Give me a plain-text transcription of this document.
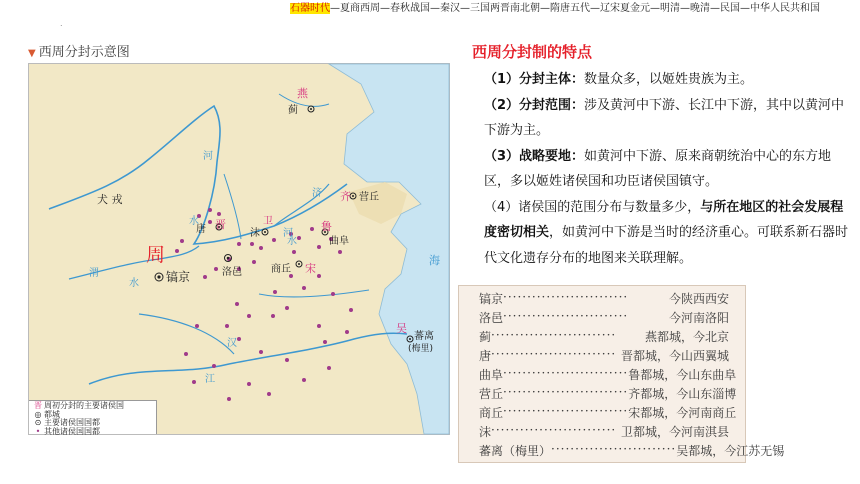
石器时代—夏商西周—春秋战国—秦汉—三国两晋南北朝—隋唐五代—辽宋夏金元—明清—晚清—民国—中华人民共和国
.
▼ 西周分封示意图
燕
蓟
犬 戎
晋
唐
卫
沫
齐 营丘
鲁
曲阜
宋
商丘
洛邑
周
镐京
吴
蕃离
(梅里)
海
河
河
水
水
水
济
渭
江
汉
晋 周初分封的主要诸侯国
◎ 都城
⊙ 主要诸侯国国都
• 其他诸侯国国都
西周分封制的特点

（1）分封主体：数量众多，以姬姓贵族为主。

（2）分封范围：涉及黄河中下游、长江中下游，其中以黄河中下游为主。

（3）战略要地：如黄河中下游、原来商朝统治中心的东方地区，多以姬姓诸侯国和功臣诸侯国镇守。

（4）诸侯国的范围分布与数量多少，与所在地区的社会发展程度密切相关，如黄河中下游是当时的经济重心。可联系新石器时代文化遗存分布的地图来关联理解。

镐京 ··························	今陕西西安
洛邑 ··························	今河南洛阳
蓟 ··························	燕都城，今北京
唐 ·························· 晋都城，今山西翼城
曲阜 ·························· 鲁都城，今山东曲阜
营丘 ·························· 齐都城，今山东淄博
商丘 ·························· 宋都城，今河南商丘
沫 ·························· 卫都城，今河南淇县
蕃离（梅里） ·························· 吴都城，今江苏无锡
